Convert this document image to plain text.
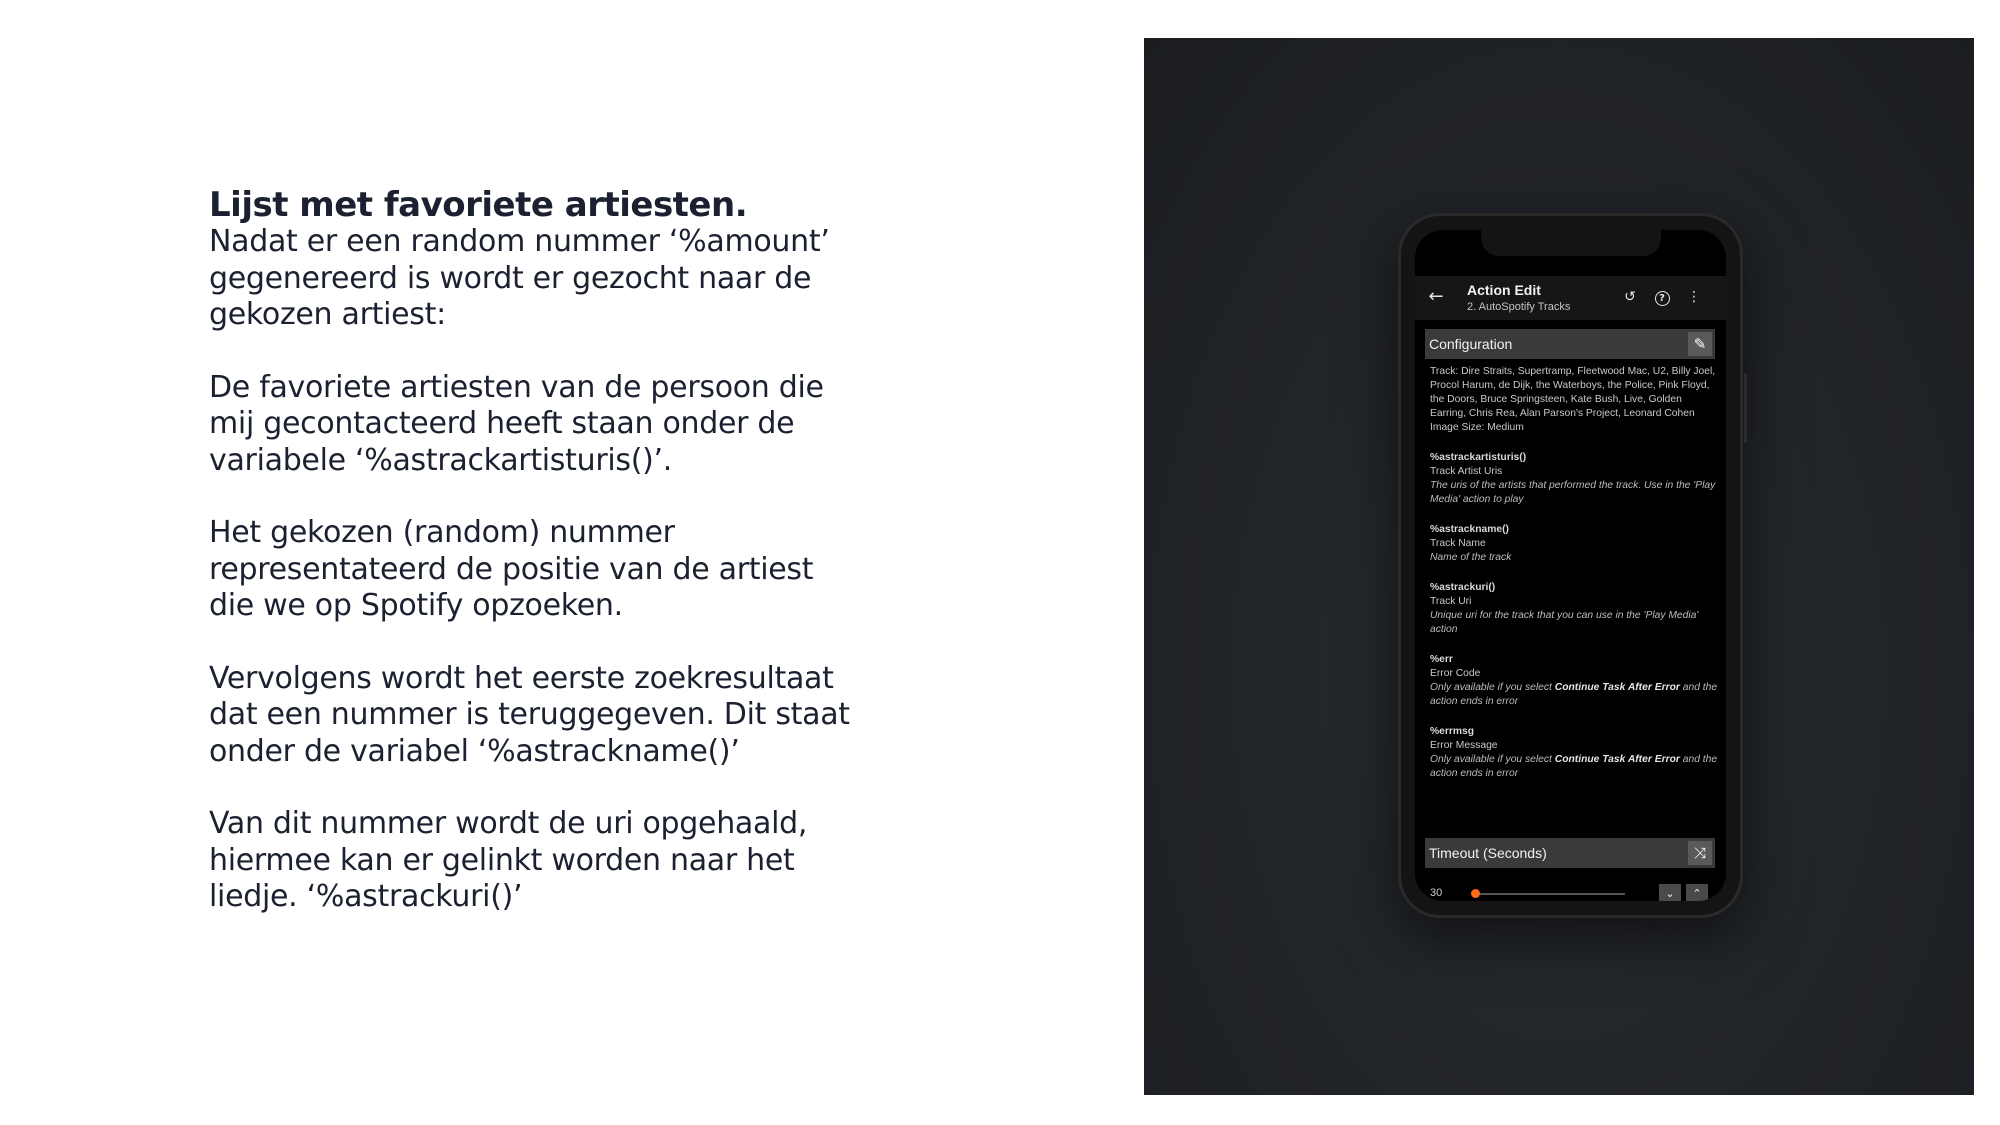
Lijst met favoriete artiesten.

Nadat er een random nummer ‘%amount’
gegenereerd is wordt er gezocht naar de
gekozen artiest:

De favoriete artiesten van de persoon die
mij gecontacteerd heeft staan onder de
variabele ‘%astrackartisturis()’.

Het gekozen (random) nummer
representateerd de positie van de artiest
die we op Spotify opzoeken.

Vervolgens wordt het eerste zoekresultaat
dat een nummer is teruggegeven. Dit staat
onder de variabel ‘%astrackname()’

Van dit nummer wordt de uri opgehaald,
hiermee kan er gelinkt worden naar het
liedje. ‘%astrackuri()’

← Action Edit
2. AutoSpotify Tracks
↺	?	⋮
Configuration	✎
Track: Dire Straits, Supertramp, Fleetwood Mac, U2, Billy Joel, Procol Harum, de Dijk, the Waterboys, the Police, Pink Floyd, the Doors, Bruce Springsteen, Kate Bush, Live, Golden Earring, Chris Rea, Alan Parson's Project, Leonard Cohen
Image Size: Medium
%astrackartisturis()
Track Artist Uris
The uris of the artists that performed the track. Use in the 'Play Media' action to play
%astrackname()
Track Name
Name of the track
%astrackuri()
Track Uri
Unique uri for the track that you can use in the 'Play Media' action
%err
Error Code
Only available if you select Continue Task After Error and the action ends in error
%errmsg
Error Message
Only available if you select Continue Task After Error and the action ends in error
Timeout (Seconds)	⤨
30	⌄	⌃
